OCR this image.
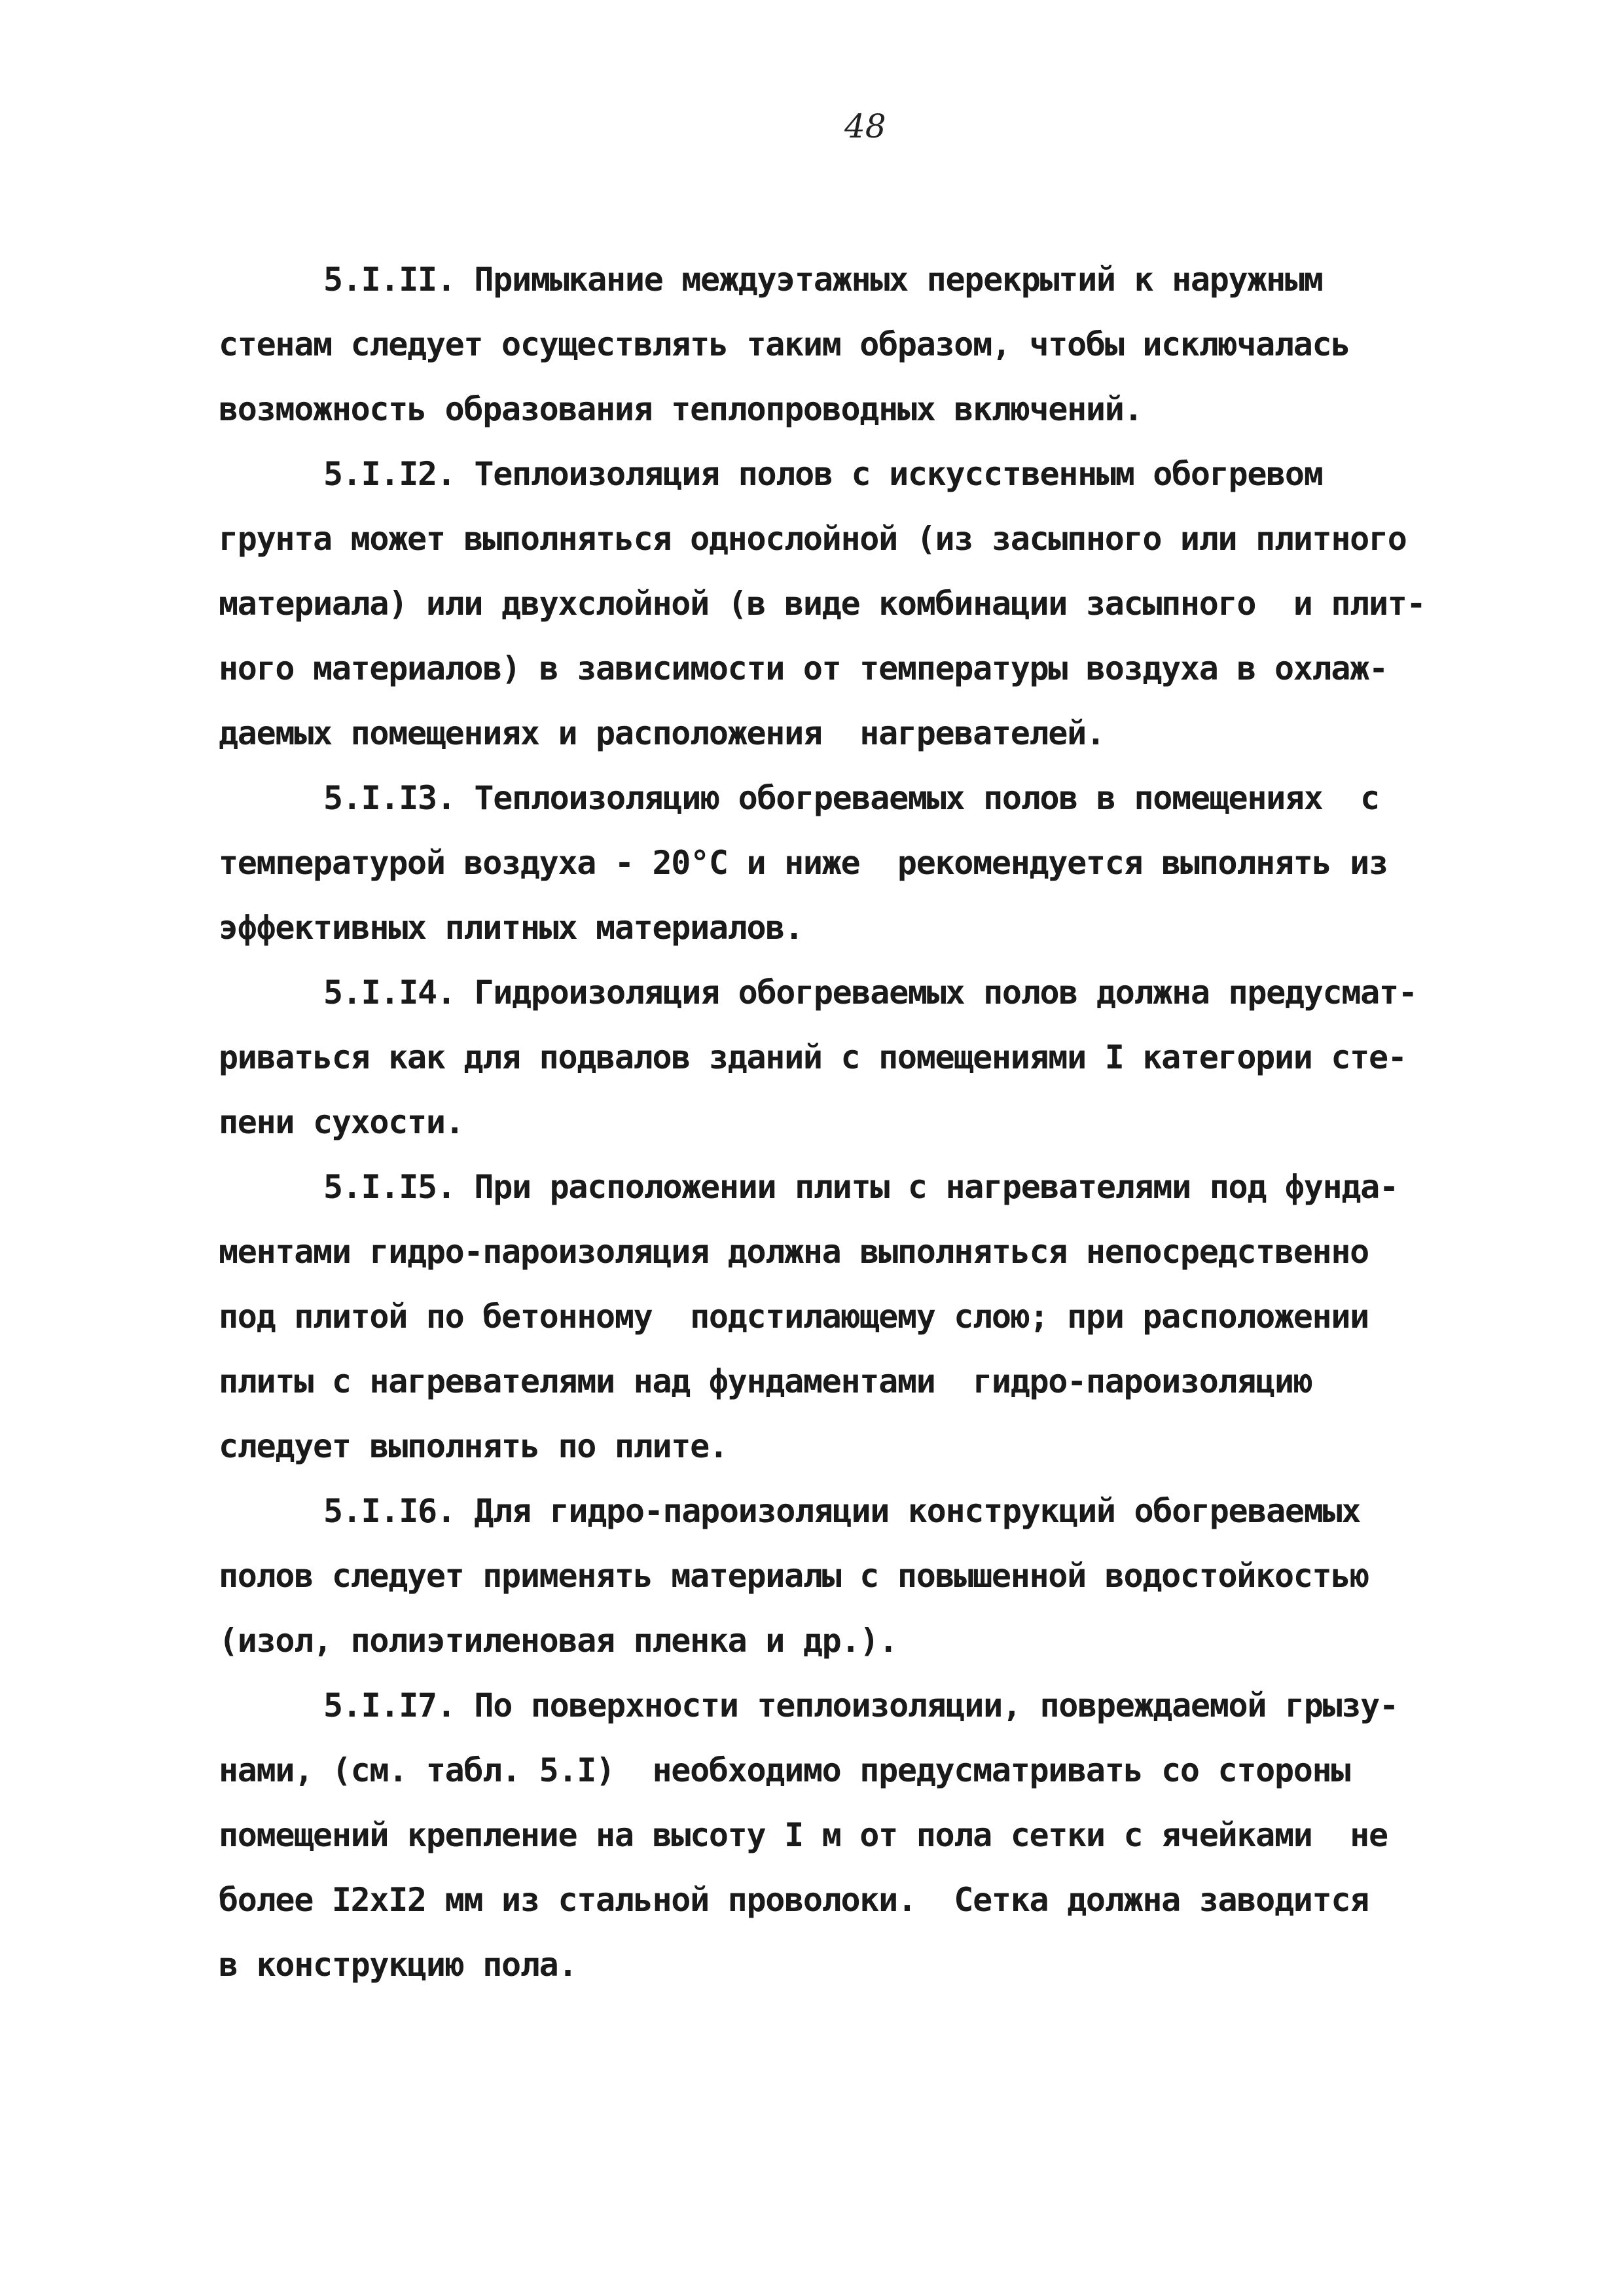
48
5.I.II. Примыкание междуэтажных перекрытий к наружным
стенам следует осуществлять таким образом, чтобы исключалась
возможность образования теплопроводных включений.
5.I.I2. Теплоизоляция полов с искусственным обогревом
грунта может выполняться однослойной (из засыпного или плитного
материала) или двухслойной (в виде комбинации засыпного  и плит-
ного материалов) в зависимости от температуры воздуха в охлаж-
даемых помещениях и расположения  нагревателей.
5.I.I3. Теплоизоляцию обогреваемых полов в помещениях  с
температурой воздуха - 20°С и ниже  рекомендуется выполнять из
эффективных плитных материалов.
5.I.I4. Гидроизоляция обогреваемых полов должна предусмат-
риваться как для подвалов зданий с помещениями I категории сте-
пени сухости.
5.I.I5. При расположении плиты с нагревателями под фунда-
ментами гидро-пароизоляция должна выполняться непосредственно
под плитой по бетонному  подстилающему слою; при расположении
плиты с нагревателями над фундаментами  гидро-пароизоляцию
следует выполнять по плите.
5.I.I6. Для гидро-пароизоляции конструкций обогреваемых
полов следует применять материалы с повышенной водостойкостью
(изол, полиэтиленовая пленка и др.).
5.I.I7. По поверхности теплоизоляции, повреждаемой грызу-
нами, (см. табл. 5.I)  необходимо предусматривать со стороны
помещений крепление на высоту I м от пола сетки с ячейками  не
более I2хI2 мм из стальной проволоки.  Сетка должна заводится
в конструкцию пола.
